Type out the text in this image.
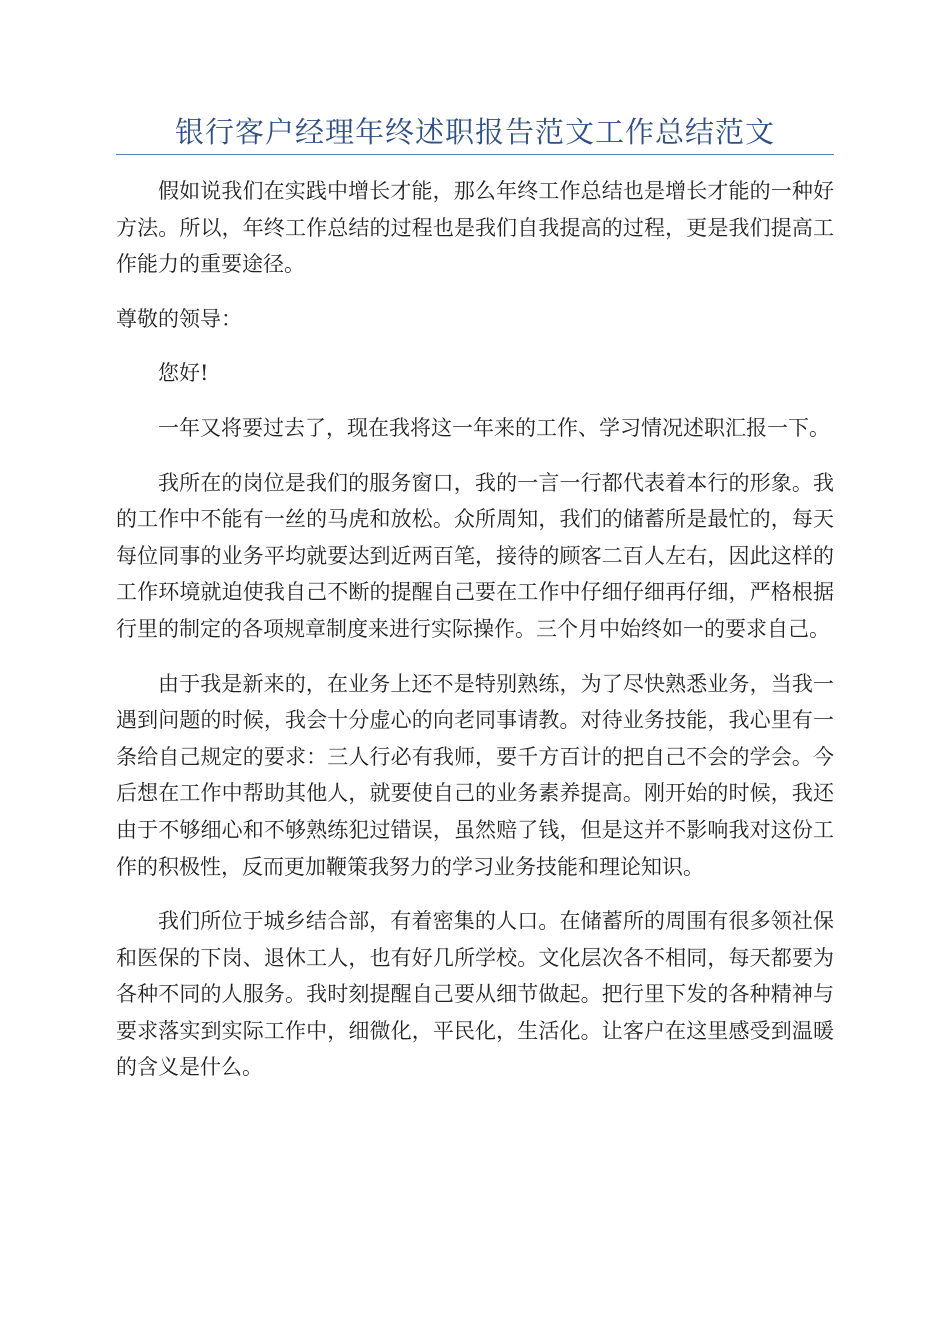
银行客户经理年终述职报告范文工作总结范文

假如说我们在实践中增长才能，那么年终工作总结也是增长才能的一种好方法。所以，年终工作总结的过程也是我们自我提高的过程，更是我们提高工作能力的重要途径。

尊敬的领导：

您好!

一年又将要过去了，现在我将这一年来的工作、学习情况述职汇报一下。

我所在的岗位是我们的服务窗口，我的一言一行都代表着本行的形象。我的工作中不能有一丝的马虎和放松。众所周知，我们的储蓄所是最忙的，每天每位同事的业务平均就要达到近两百笔，接待的顾客二百人左右，因此这样的工作环境就迫使我自己不断的提醒自己要在工作中仔细仔细再仔细，严格根据行里的制定的各项规章制度来进行实际操作。三个月中始终如一的要求自己。

由于我是新来的，在业务上还不是特别熟练，为了尽快熟悉业务，当我一遇到问题的时候，我会十分虚心的向老同事请教。对待业务技能，我心里有一条给自己规定的要求：三人行必有我师，要千方百计的把自己不会的学会。今后想在工作中帮助其他人，就要使自己的业务素养提高。刚开始的时候，我还由于不够细心和不够熟练犯过错误，虽然赔了钱，但是这并不影响我对这份工作的积极性，反而更加鞭策我努力的学习业务技能和理论知识。

我们所位于城乡结合部，有着密集的人口。在储蓄所的周围有很多领社保和医保的下岗、退休工人，也有好几所学校。文化层次各不相同，每天都要为各种不同的人服务。我时刻提醒自己要从细节做起。把行里下发的各种精神与要求落实到实际工作中，细微化，平民化，生活化。让客户在这里感受到温暖的含义是什么。
